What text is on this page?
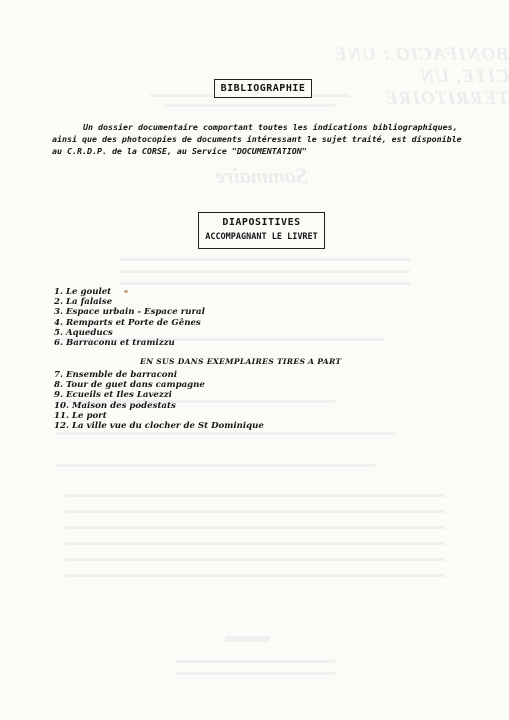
BONIFACIO : UNE CITE, UN TERRITOIRE
Sommaire
BIBLIOGRAPHIE

Un dossier documentaire comportant toutes les indications bibliographiques, ainsi que des photocopies de documents intéressant le sujet traité, est disponible au C.R.D.P. de la CORSE, au Service "DOCUMENTATION"

DIAPOSITIVES
ACCOMPAGNANT LE LIVRET
1. Le goulet
2. La falaise
3. Espace urbain - Espace rural
4. Remparts et Porte de Gênes
5. Aqueducs
6. Barraconu et tramizzu
EN SUS DANS EXEMPLAIRES TIRES A PART
7. Ensemble de barraconi
8. Tour de guet dans campagne
9. Ecueils et Iles Lavezzi
10. Maison des podestats
11. Le port
12. La ville vue du clocher de St Dominique
